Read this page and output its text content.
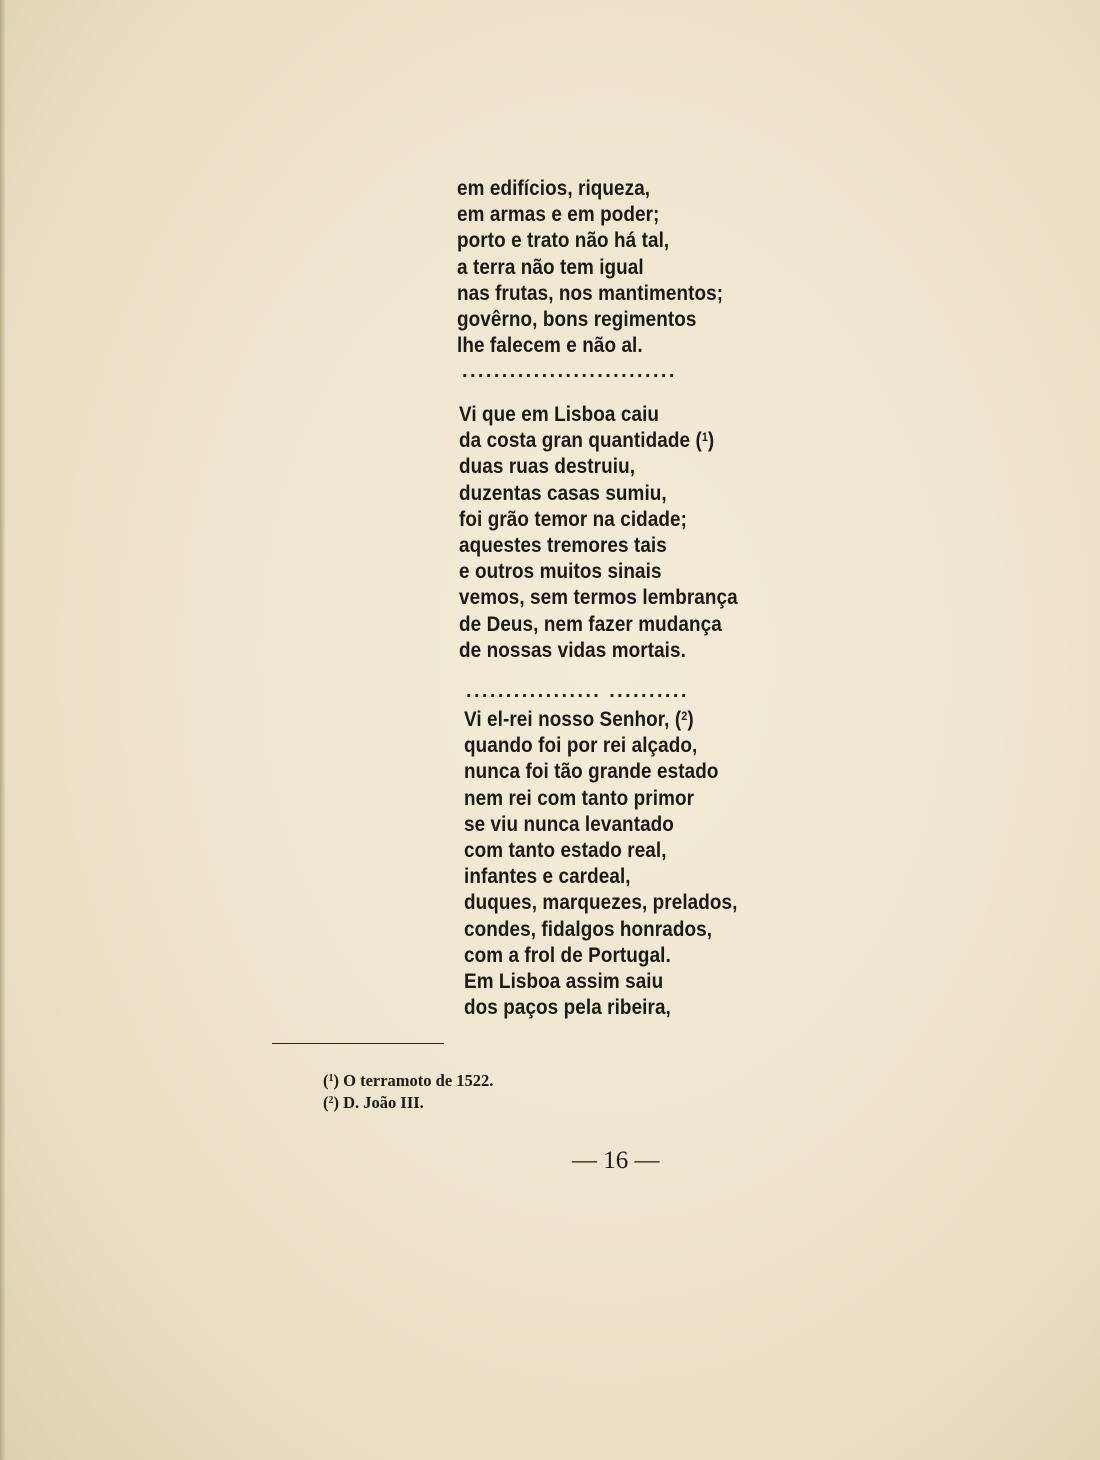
em edifícios, riqueza,
em armas e em poder;
porto e trato não há tal,
a terra não tem igual
nas frutas, nos mantimentos;
govêrno, bons regimentos
lhe falecem e não al.
...........................
Vi que em Lisboa caiu
da costa gran quantidade ($^1$)
duas ruas destruiu,
duzentas casas sumiu,
foi grão temor na cidade;
aquestes tremores tais
e outros muitos sinais
vemos, sem termos lembrança
de Deus, nem fazer mudança
de nossas vidas mortais.
................. ..........
Vi el-rei nosso Senhor, ($^2$)
quando foi por rei alçado,
nunca foi tão grande estado
nem rei com tanto primor
se viu nunca levantado
com tanto estado real,
infantes e cardeal,
duques, marquezes, prelados,
condes, fidalgos honrados,
com a frol de Portugal.
Em Lisboa assim saiu
dos paços pela ribeira,
($^1$) O terramoto de 1522.
($^2$) D. João III.
— 16 —
